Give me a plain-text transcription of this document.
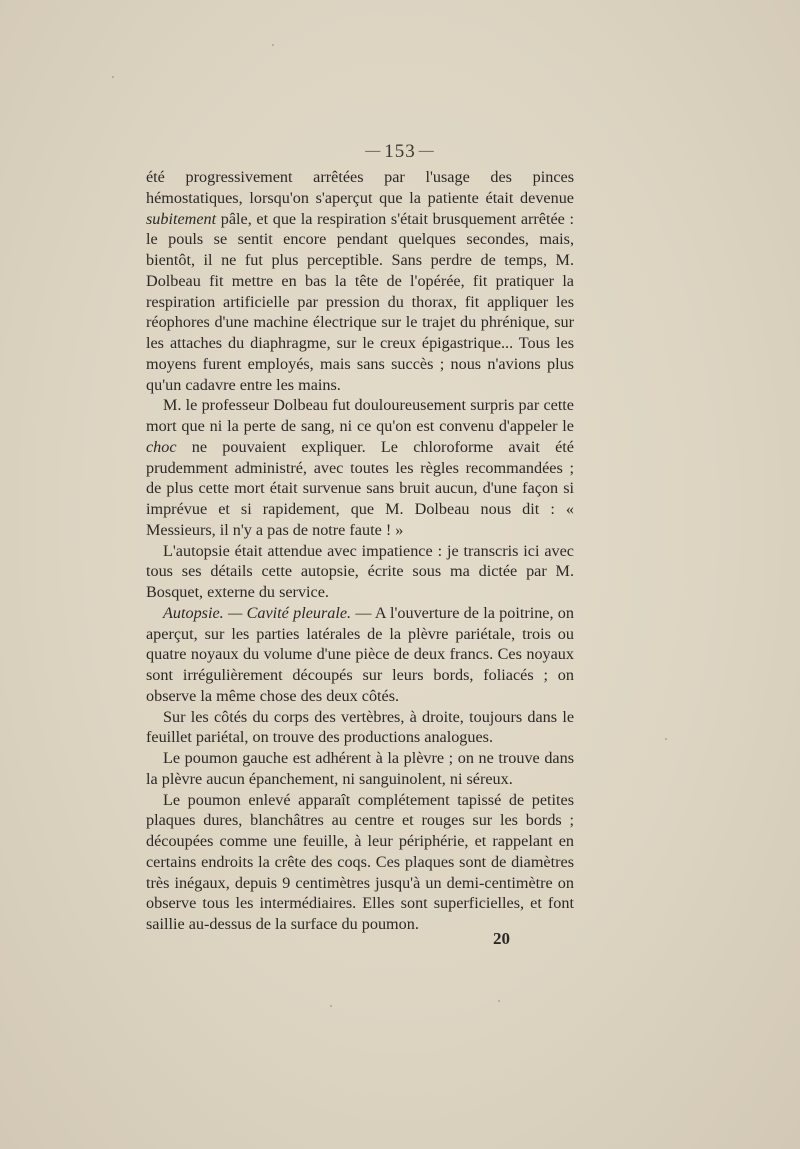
— 153 —

été progressivement arrêtées par l'usage des pinces hémostatiques, lorsqu'on s'aperçut que la patiente était devenue subitement pâle, et que la respiration s'était brusquement arrêtée : le pouls se sentit encore pendant quelques secondes, mais, bientôt, il ne fut plus perceptible. Sans perdre de temps, M. Dolbeau fit mettre en bas la tête de l'opérée, fit pratiquer la respiration artificielle par pression du thorax, fit appliquer les réophores d'une machine électrique sur le trajet du phrénique, sur les attaches du diaphragme, sur le creux épigastrique... Tous les moyens furent employés, mais sans succès ; nous n'avions plus qu'un cadavre entre les mains.

M. le professeur Dolbeau fut douloureusement surpris par cette mort que ni la perte de sang, ni ce qu'on est convenu d'appeler le choc ne pouvaient expliquer. Le chloroforme avait été prudemment administré, avec toutes les règles recommandées ; de plus cette mort était survenue sans bruit aucun, d'une façon si imprévue et si rapidement, que M. Dolbeau nous dit : « Messieurs, il n'y a pas de notre faute ! »

L'autopsie était attendue avec impatience : je transcris ici avec tous ses détails cette autopsie, écrite sous ma dictée par M. Bosquet, externe du service.

Autopsie. — Cavité pleurale. — A l'ouverture de la poitrine, on aperçut, sur les parties latérales de la plèvre pariétale, trois ou quatre noyaux du volume d'une pièce de deux francs. Ces noyaux sont irrégulièrement découpés sur leurs bords, foliacés ; on observe la même chose des deux côtés.

Sur les côtés du corps des vertèbres, à droite, toujours dans le feuillet pariétal, on trouve des productions analogues.

Le poumon gauche est adhérent à la plèvre ; on ne trouve dans la plèvre aucun épanchement, ni sanguinolent, ni séreux.

Le poumon enlevé apparaît complétement tapissé de petites plaques dures, blanchâtres au centre et rouges sur les bords ; découpées comme une feuille, à leur périphérie, et rappelant en certains endroits la crête des coqs. Ces plaques sont de diamètres très inégaux, depuis 9 centimètres jusqu'à un demi-centimètre on observe tous les intermédiaires. Elles sont superficielles, et font saillie au-dessus de la surface du poumon.

20
